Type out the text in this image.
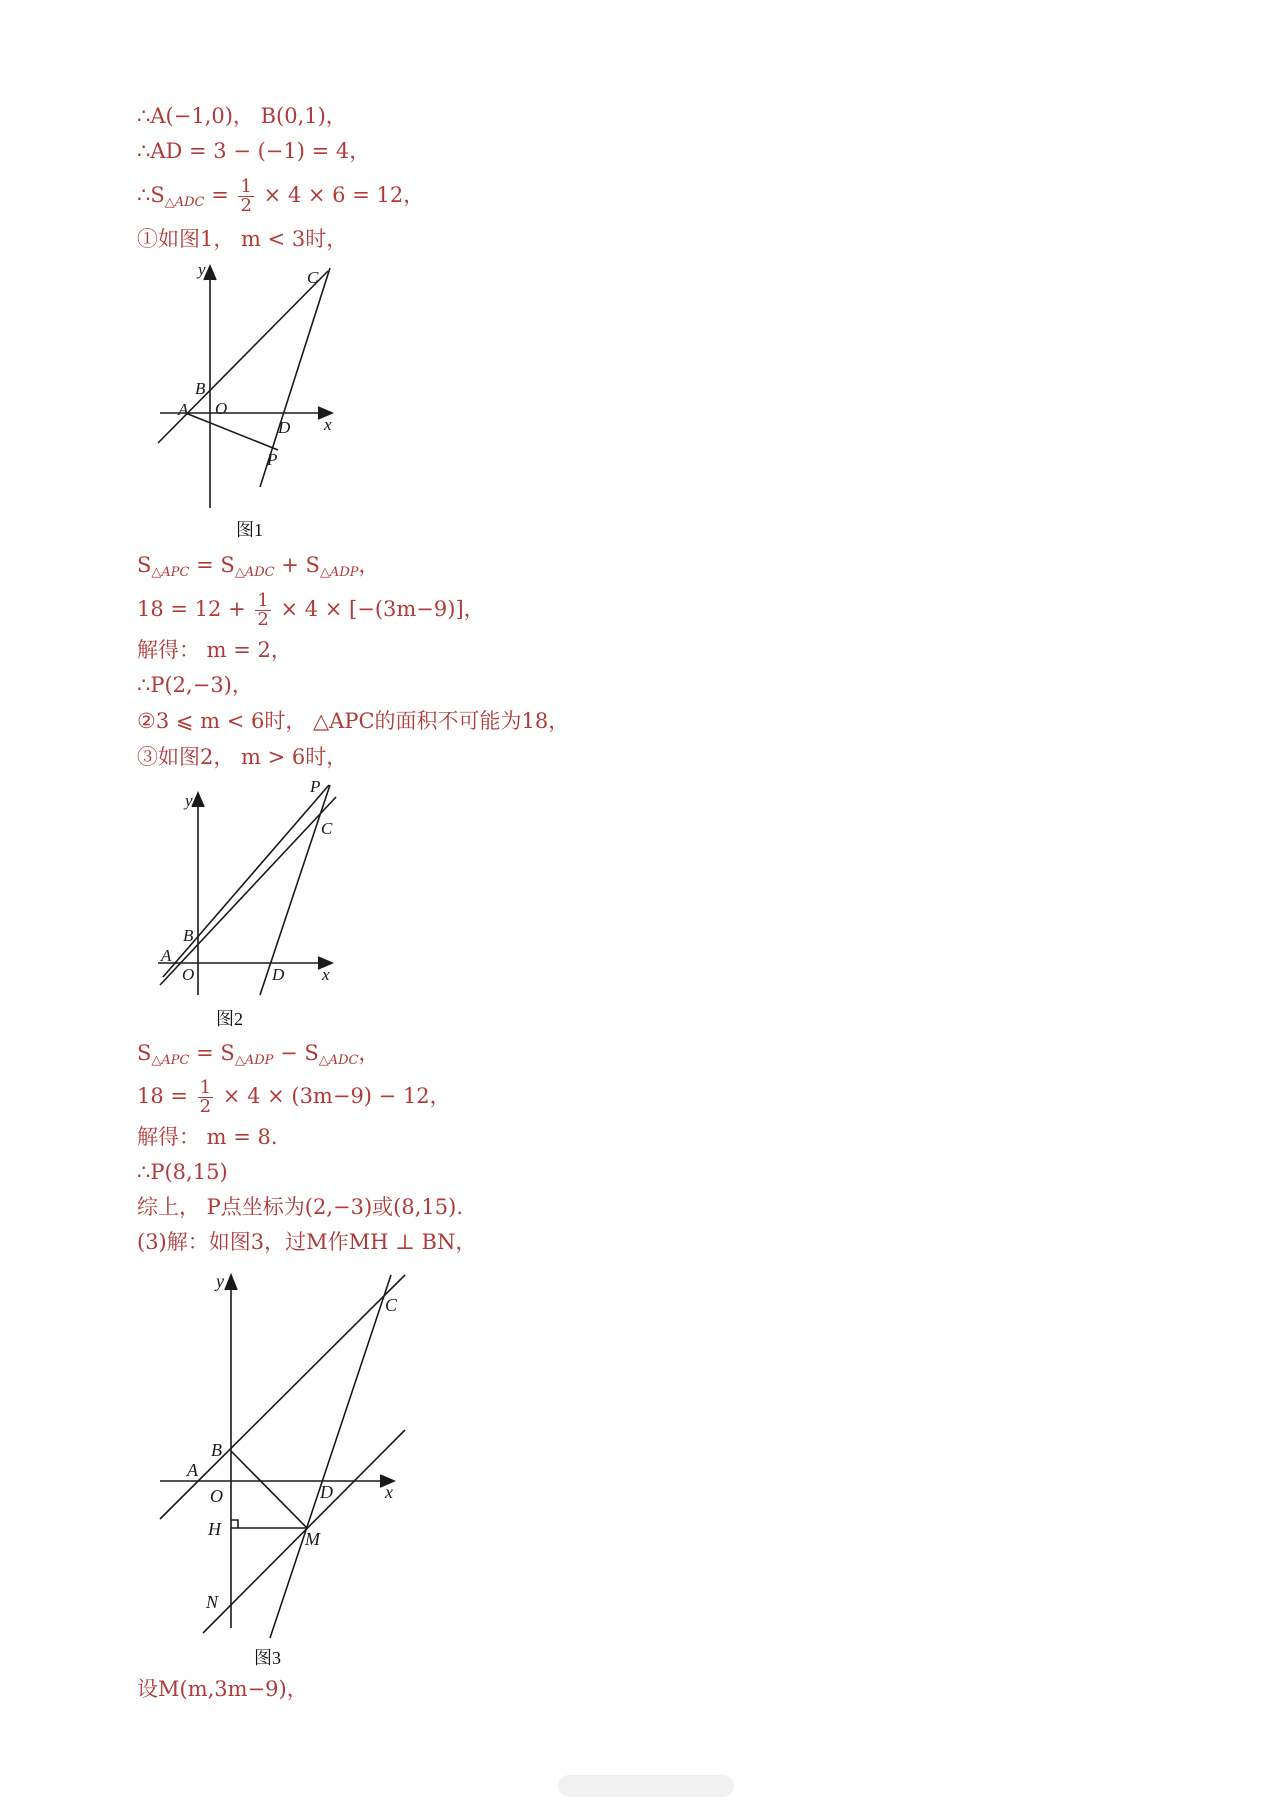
∴A(−1,0)， B(0,1)，
∴AD = 3 − (−1) = 4，
$\therefore S_{\triangle ADC} = \frac{1}{2} \times 4 \times 6 = 12$，
①如图1， m < 3时，
y
x
A
B
O
C
D
P
图1
$S_{\triangle APC} = S_{\triangle ADC} + S_{\triangle ADP}$，
$18 = 12 + \frac{1}{2} \times 4 \times [-(3m-9)]$，
解得： m = 2，
∴P(2,−3)，
②3 ⩽ m < 6时， △APC的面积不可能为18，
③如图2， m > 6时，
y
x
A
B
O
C
D
P
图2
$S_{\triangle APC} = S_{\triangle ADP} - S_{\triangle ADC}$，
$18 = \frac{1}{2} \times 4 \times (3m-9) - 12$，
解得： m = 8.
∴P(8,15)
综上， P点坐标为(2,−3)或(8,15).
(3)解：如图3，过M作MH ⊥ BN，
y
x
A
B
O
C
D
H	M
N
图3
设M(m,3m−9)，
